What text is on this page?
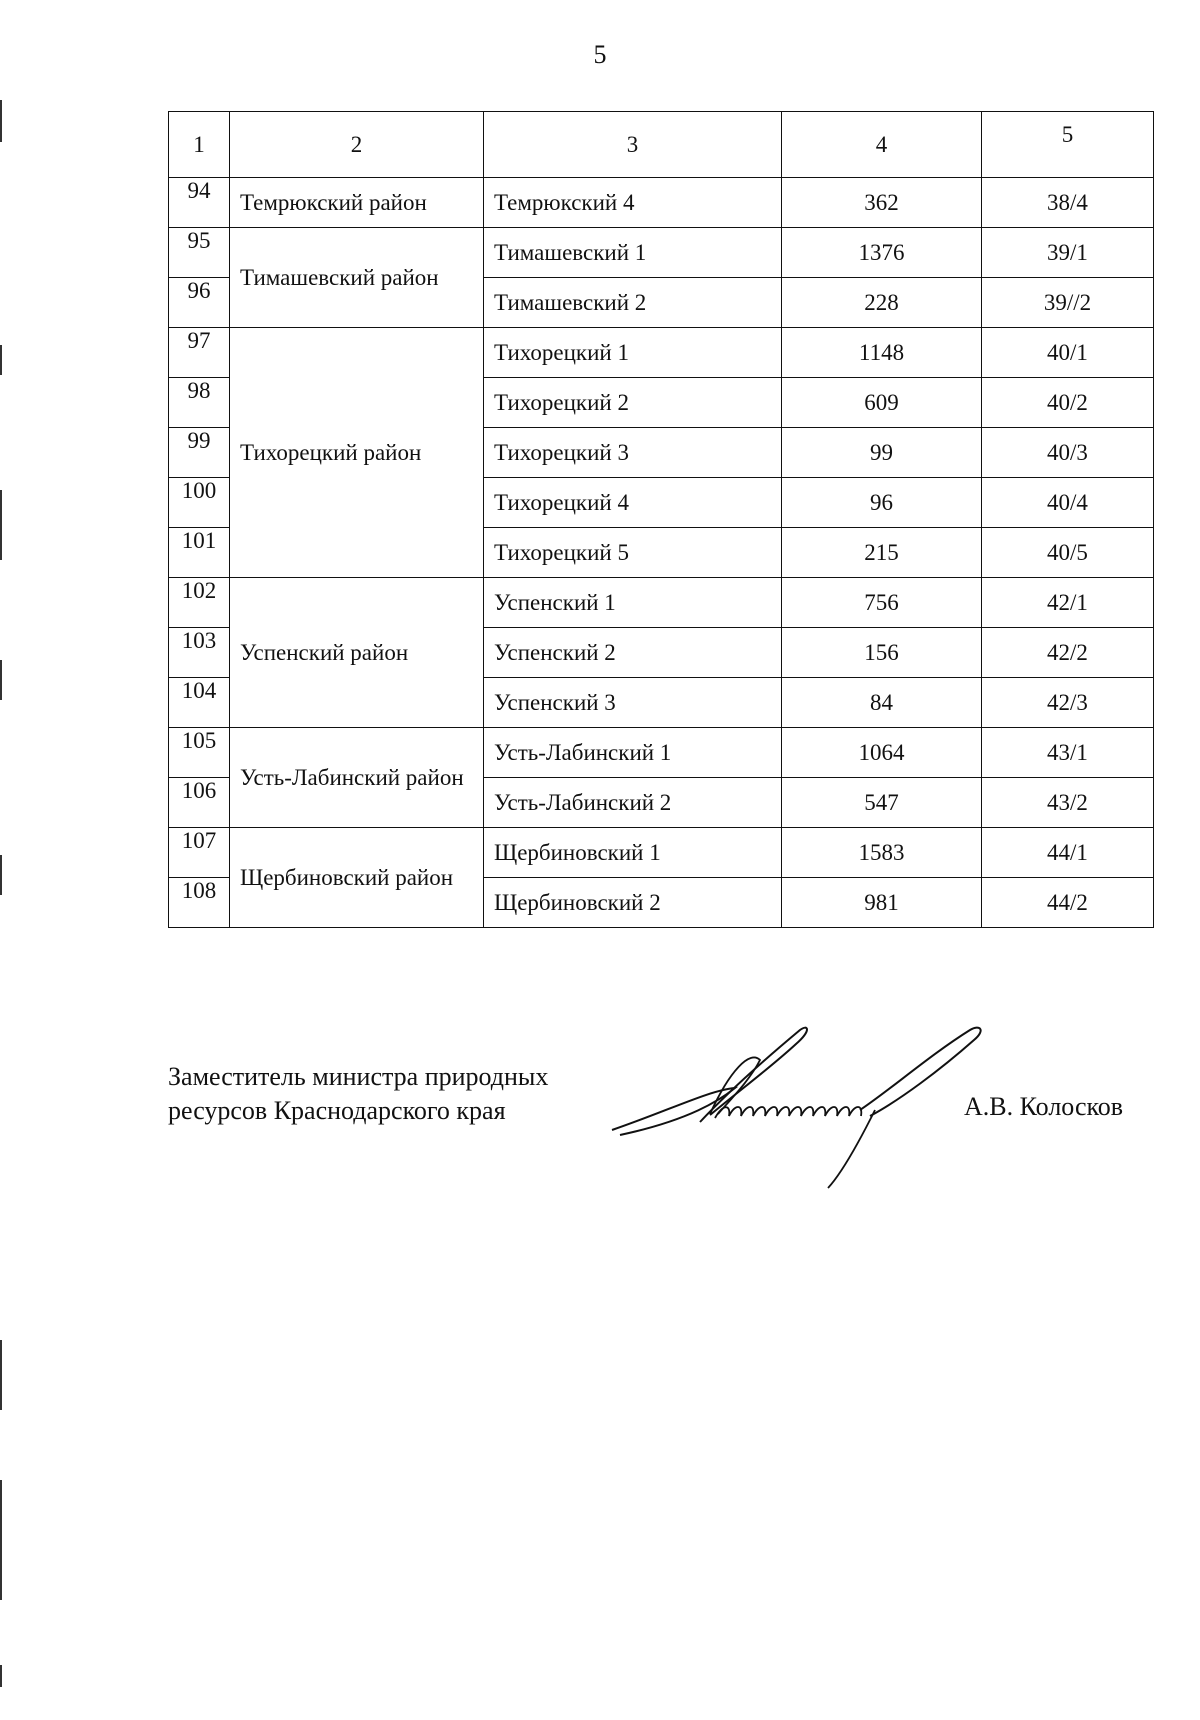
5
1	2	3	4	5
94	Темрюкский район	Темрюкский 4	362	38/4
95	Тимашевский район	Тимашевский 1	1376	39/1
96		Тимашевский 2	228	39//2
97	Тихорецкий район	Тихорецкий 1	1148	40/1
98		Тихорецкий 2	609	40/2
99		Тихорецкий 3	99	40/3
100		Тихорецкий 4	96	40/4
101		Тихорецкий 5	215	40/5
102	Успенский район	Успенский 1	756	42/1
103		Успенский 2	156	42/2
104		Успенский 3	84	42/3
105	Усть-Лабинский район	Усть-Лабинский 1	1064	43/1
106		Усть-Лабинский 2	547	43/2
107	Щербиновский район	Щербиновский 1	1583	44/1
108		Щербиновский 2	981	44/2
Заместитель министра природных
ресурсов Краснодарского края	А.В. Колосков
